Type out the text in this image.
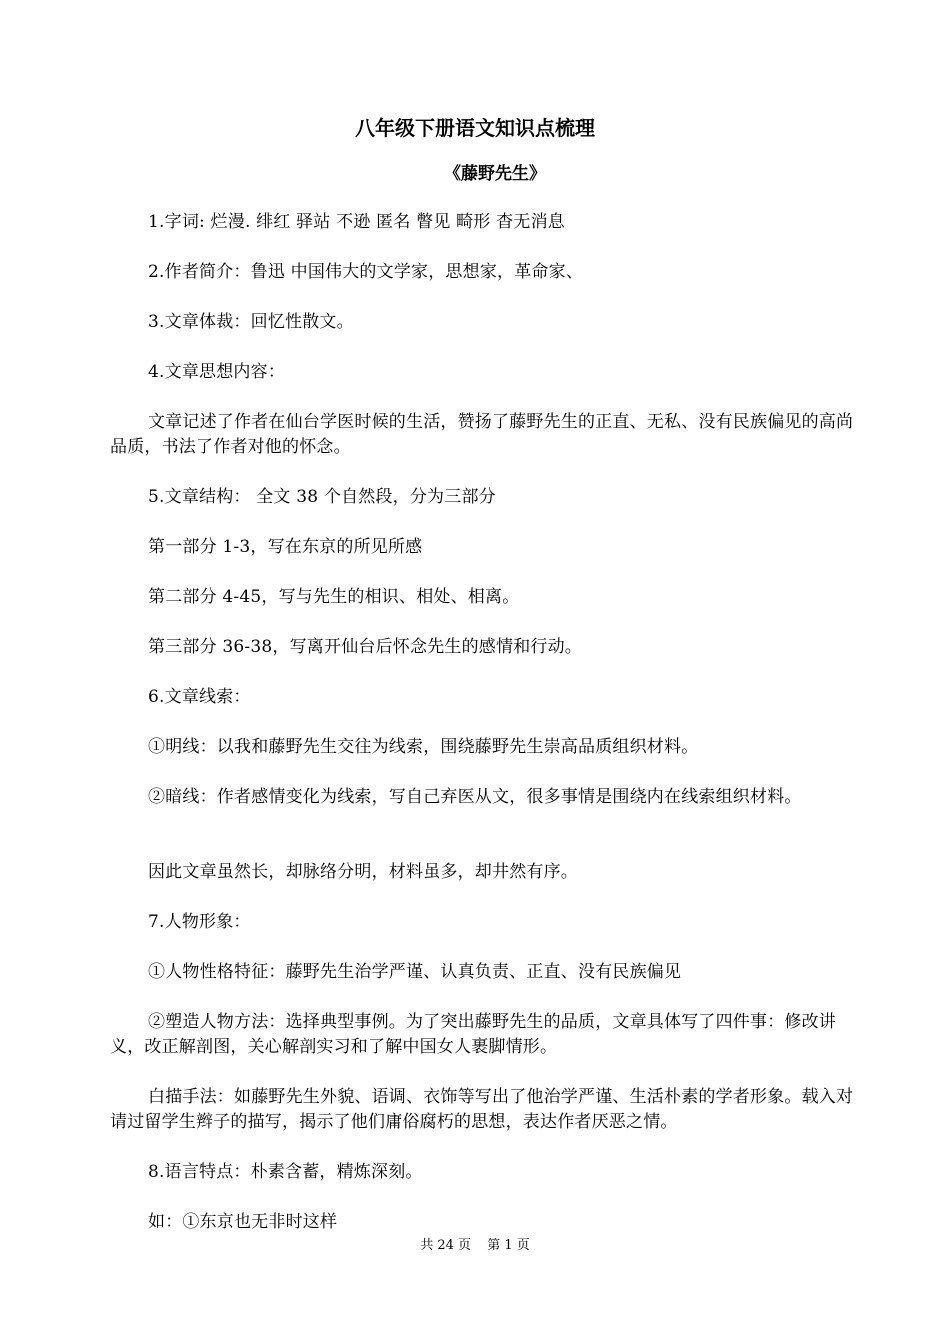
八年级下册语文知识点梳理
《藤野先生》

1.字词: 烂漫. 绯红 驿站 不逊 匿名 瞥见 畸形 杳无消息

2.作者简介：鲁迅 中国伟大的文学家，思想家，革命家、

3.文章体裁：回忆性散文。

4.文章思想内容：

文章记述了作者在仙台学医时候的生活，赞扬了藤野先生的正直、无私、没有民族偏见的高尚品质，书法了作者对他的怀念。

5.文章结构： 全文 38 个自然段，分为三部分

第一部分 1-3，写在东京的所见所感

第二部分 4-45，写与先生的相识、相处、相离。

第三部分 36-38，写离开仙台后怀念先生的感情和行动。

6.文章线索：

①明线：以我和藤野先生交往为线索，围绕藤野先生崇高品质组织材料。

②暗线：作者感情变化为线索，写自己弃医从文，很多事情是围绕内在线索组织材料。

因此文章虽然长，却脉络分明，材料虽多，却井然有序。

7.人物形象：

①人物性格特征：藤野先生治学严谨、认真负责、正直、没有民族偏见

②塑造人物方法：选择典型事例。为了突出藤野先生的品质，文章具体写了四件事：修改讲义，改正解剖图，关心解剖实习和了解中国女人裹脚情形。

白描手法：如藤野先生外貌、语调、衣饰等写出了他治学严谨、生活朴素的学者形象。载入对请过留学生辫子的描写，揭示了他们庸俗腐朽的思想，表达作者厌恶之情。

8.语言特点：朴素含蓄，精炼深刻。

如：①东京也无非时这样

共 24 页 第 1 页
